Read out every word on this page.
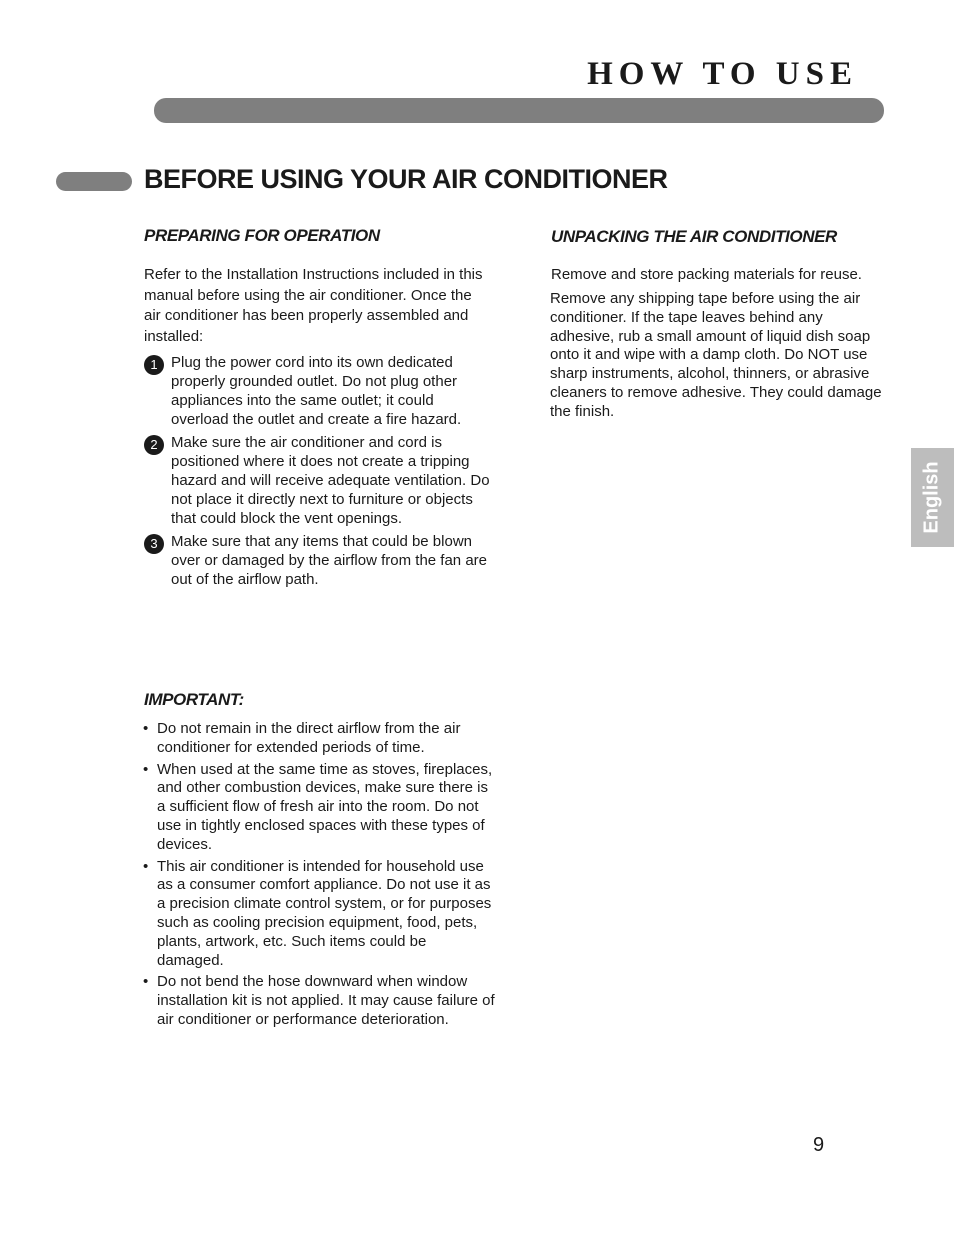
HOW TO USE
BEFORE USING YOUR AIR CONDITIONER
PREPARING FOR OPERATION

Refer to the Installation Instructions included in this manual before using the air conditioner. Once the air conditioner has been properly assembled and installed:

1 Plug the power cord into its own dedicated properly grounded outlet. Do not plug other appliances into the same outlet; it could overload the outlet and create a fire hazard.
2 Make sure the air conditioner and cord is positioned where it does not create a tripping hazard and will receive adequate ventilation. Do not place it directly next to furniture or objects that could block the vent openings.
3 Make sure that any items that could be blown over or damaged by the airflow from the fan are out of the airflow path.
IMPORTANT:
• Do not remain in the direct airflow from the air conditioner for extended periods of time.
• When used at the same time as stoves, fireplaces, and other combustion devices, make sure there is a sufficient flow of fresh air into the room. Do not use in tightly enclosed spaces with these types of devices.
• This air conditioner is intended for household use as a consumer comfort appliance. Do not use it as a precision climate control system, or for purposes such as cooling precision equipment, food, pets, plants, artwork, etc. Such items could be damaged.
• Do not bend the hose downward when window installation kit is not applied. It may cause failure of air conditioner or performance deterioration.
UNPACKING THE AIR CONDITIONER

Remove and store packing materials for reuse.

Remove any shipping tape before using the air conditioner. If the tape leaves behind any adhesive, rub a small amount of liquid dish soap onto it and wipe with a damp cloth. Do NOT use sharp instruments, alcohol, thinners, or abrasive cleaners to remove adhesive. They could damage the finish.

English
9
